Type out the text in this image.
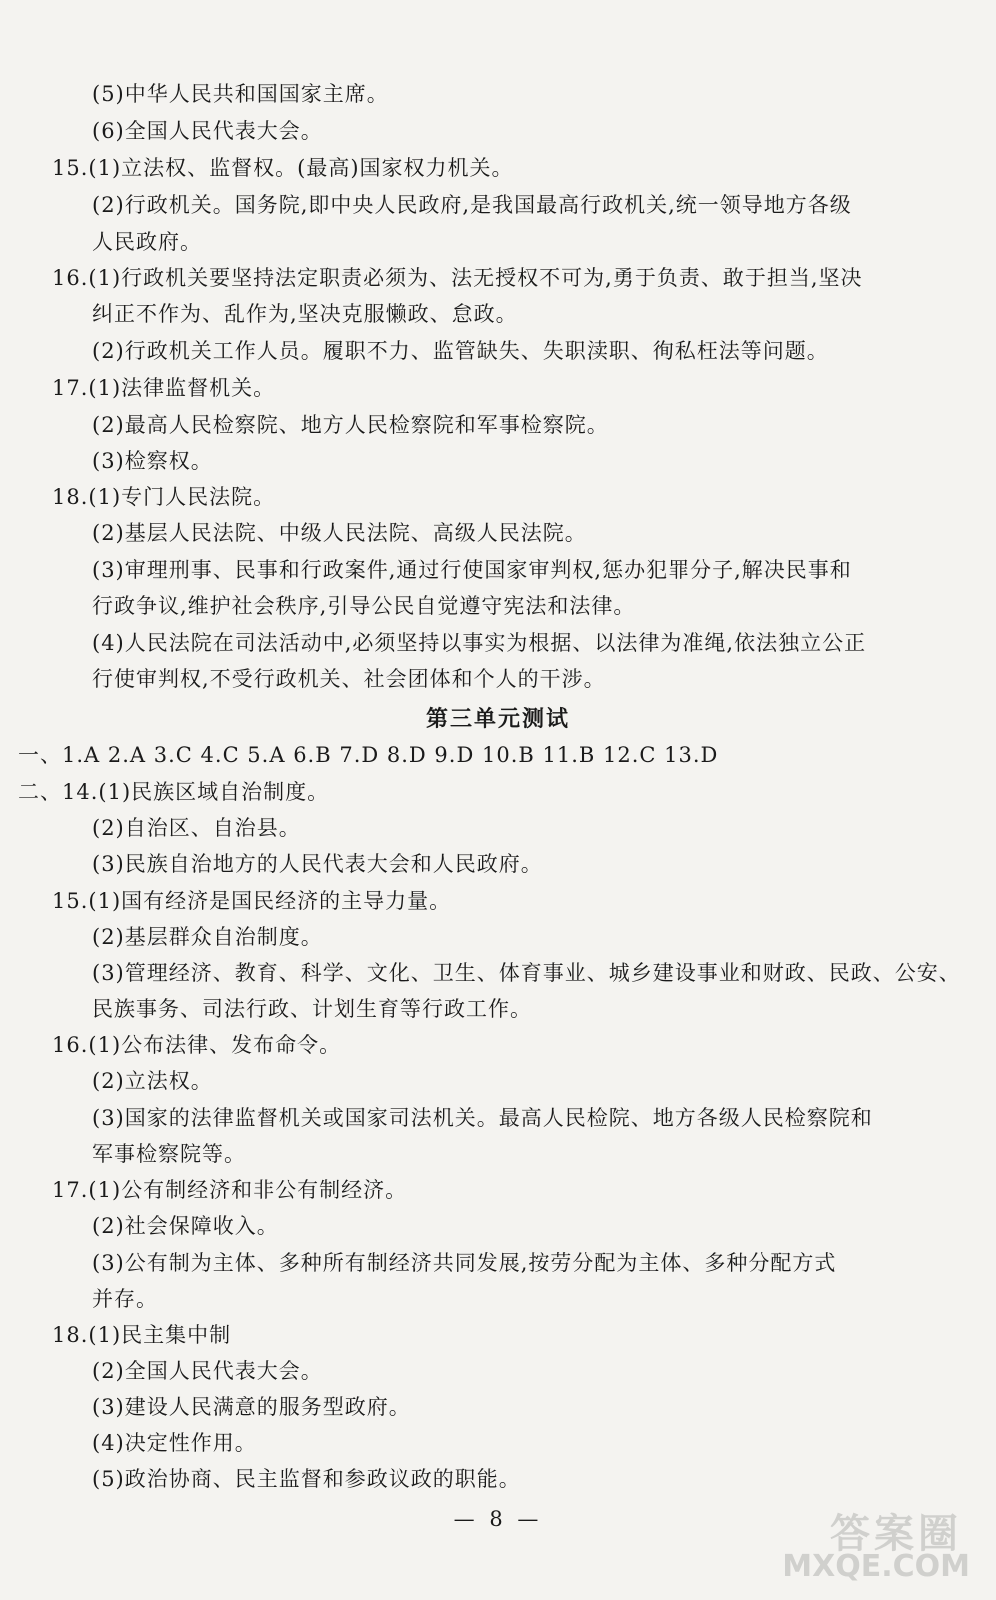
(5)中华人民共和国国家主席。
(6)全国人民代表大会。
15.(1)立法权、监督权。(最高)国家权力机关。
(2)行政机关。国务院,即中央人民政府,是我国最高行政机关,统一领导地方各级
人民政府。
16.(1)行政机关要坚持法定职责必须为、法无授权不可为,勇于负责、敢于担当,坚决
纠正不作为、乱作为,坚决克服懒政、怠政。
(2)行政机关工作人员。履职不力、监管缺失、失职渎职、徇私枉法等问题。
17.(1)法律监督机关。
(2)最高人民检察院、地方人民检察院和军事检察院。
(3)检察权。
18.(1)专门人民法院。
(2)基层人民法院、中级人民法院、高级人民法院。
(3)审理刑事、民事和行政案件,通过行使国家审判权,惩办犯罪分子,解决民事和
行政争议,维护社会秩序,引导公民自觉遵守宪法和法律。
(4)人民法院在司法活动中,必须坚持以事实为根据、以法律为准绳,依法独立公正
行使审判权,不受行政机关、社会团体和个人的干涉。
第三单元测试
一、1.A 2.A 3.C 4.C 5.A 6.B 7.D 8.D 9.D 10.B 11.B 12.C 13.D
二、14.(1)民族区域自治制度。
(2)自治区、自治县。
(3)民族自治地方的人民代表大会和人民政府。
15.(1)国有经济是国民经济的主导力量。
(2)基层群众自治制度。
(3)管理经济、教育、科学、文化、卫生、体育事业、城乡建设事业和财政、民政、公安、
民族事务、司法行政、计划生育等行政工作。
16.(1)公布法律、发布命令。
(2)立法权。
(3)国家的法律监督机关或国家司法机关。最高人民检院、地方各级人民检察院和
军事检察院等。
17.(1)公有制经济和非公有制经济。
(2)社会保障收入。
(3)公有制为主体、多种所有制经济共同发展,按劳分配为主体、多种分配方式
并存。
18.(1)民主集中制
(2)全国人民代表大会。
(3)建设人民满意的服务型政府。
(4)决定性作用。
(5)政治协商、民主监督和参政议政的职能。
— 8 —	答案圈
MXQE.COM
